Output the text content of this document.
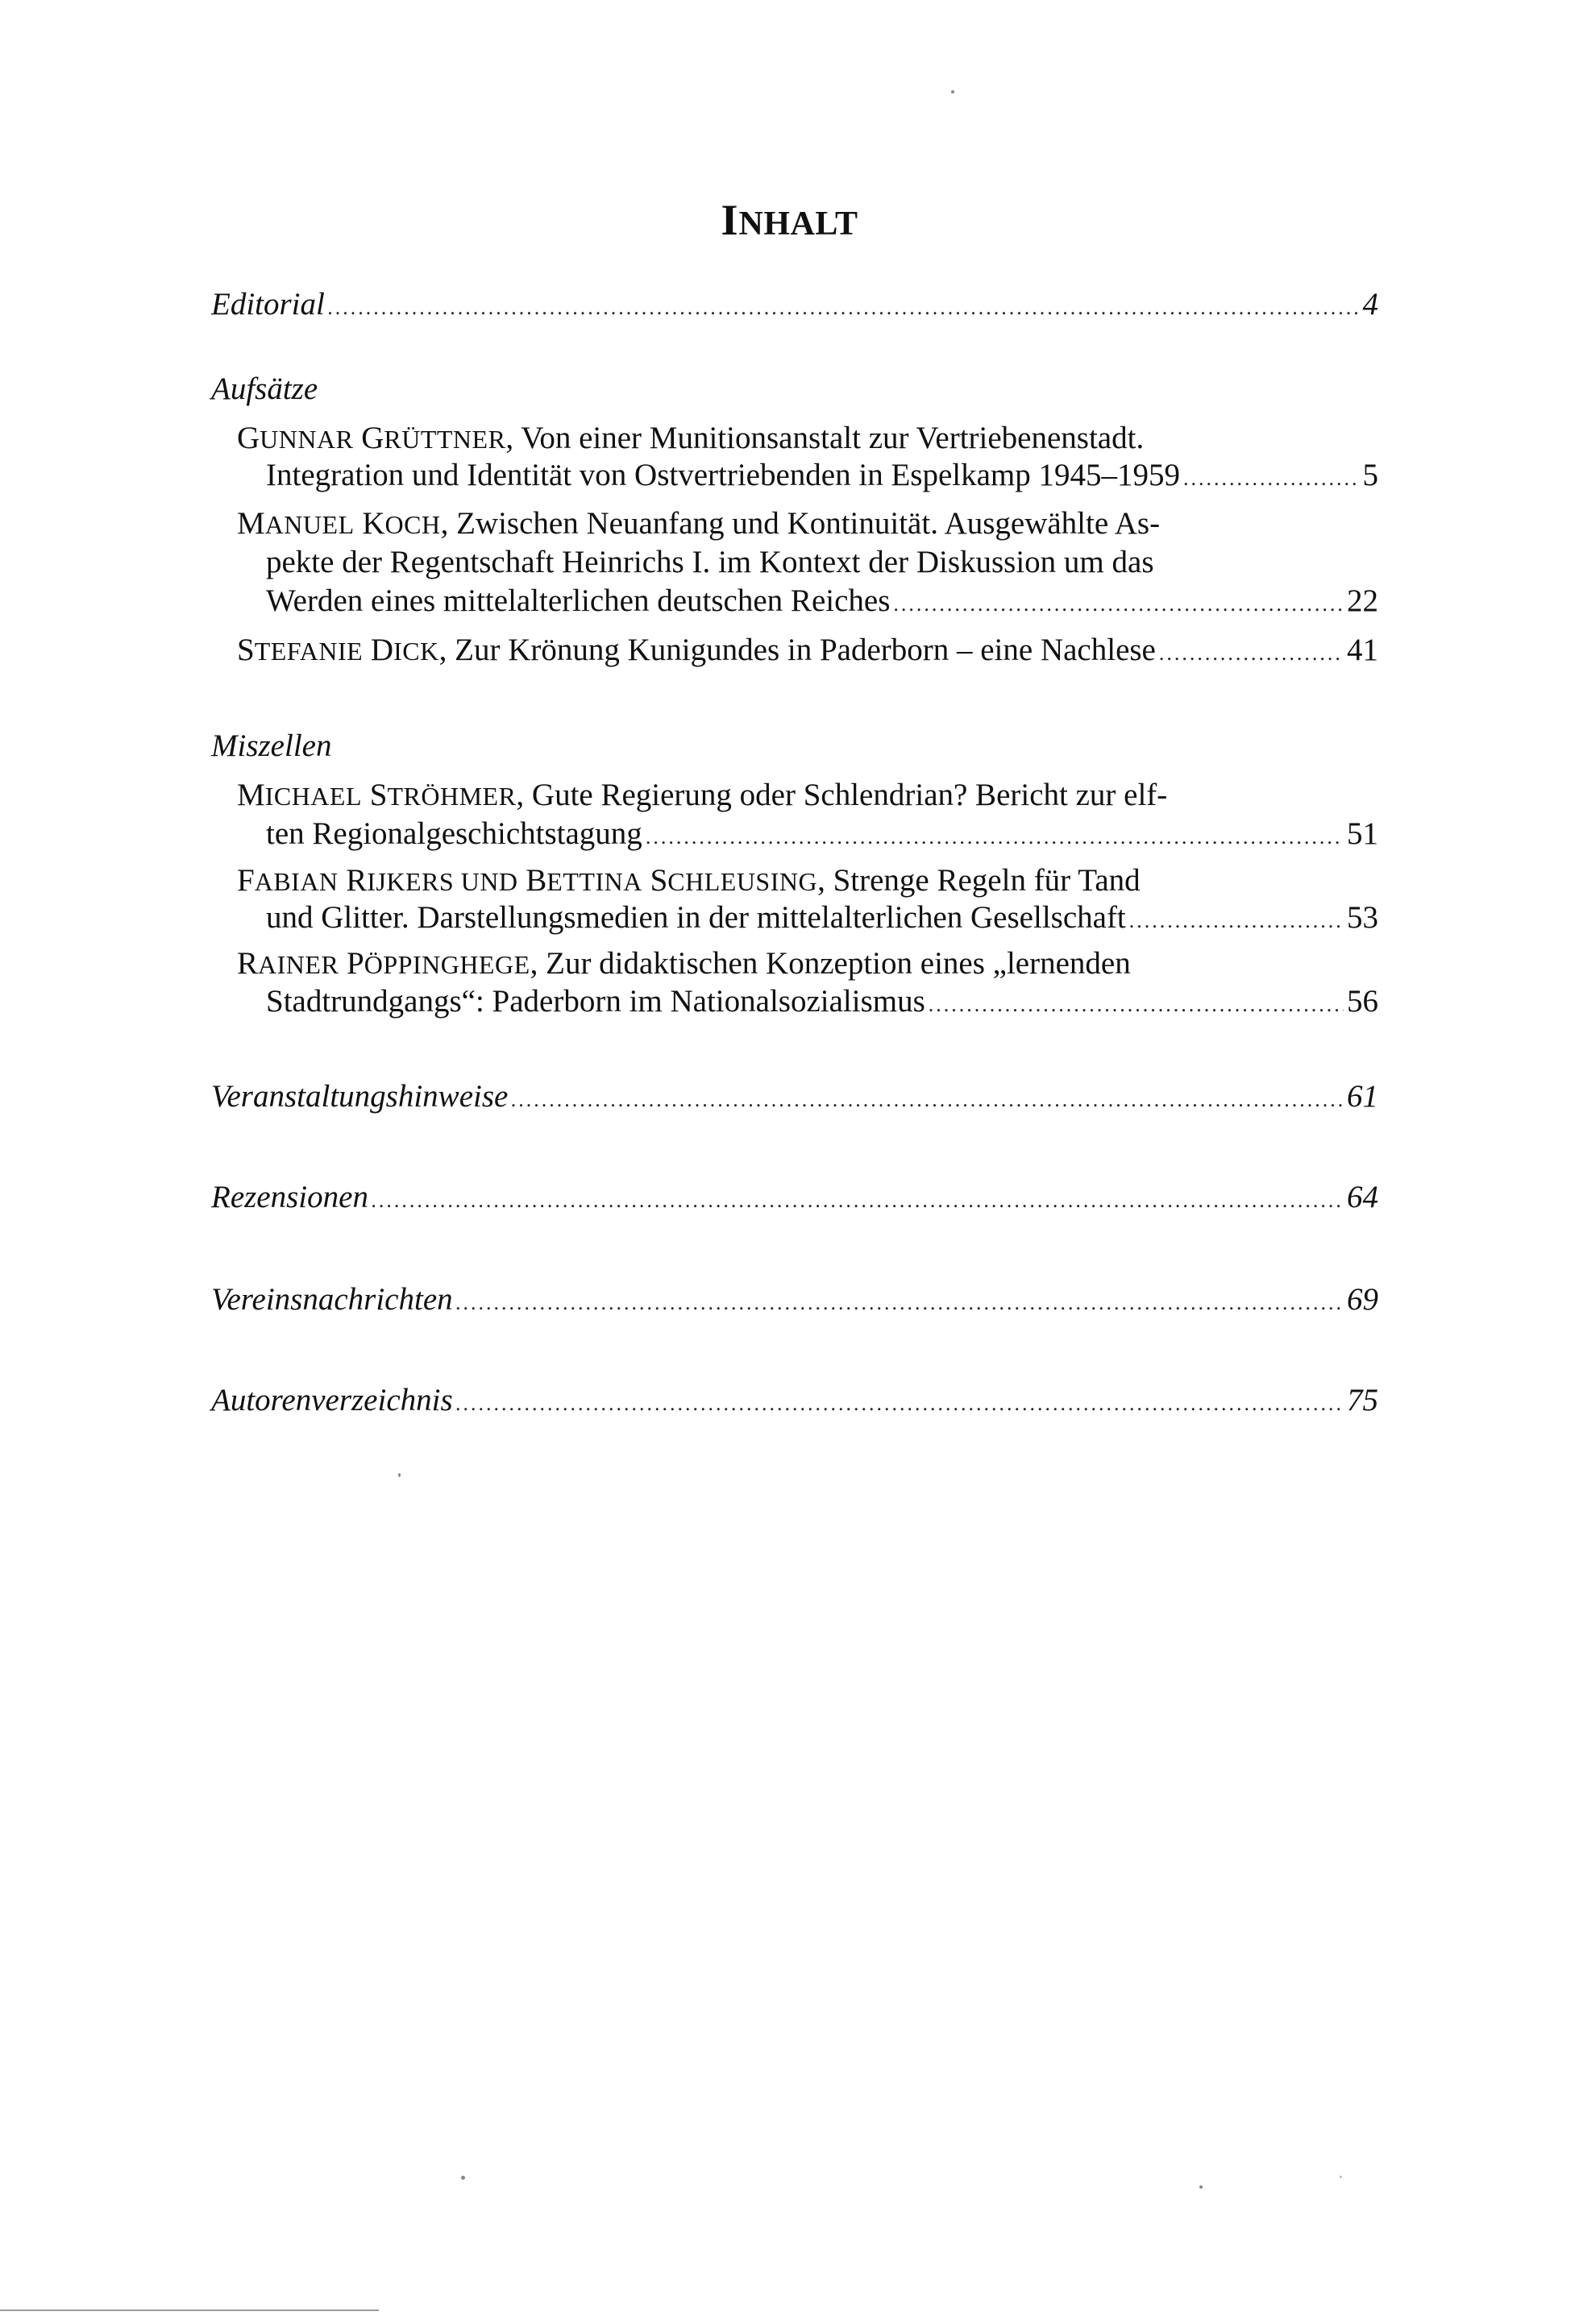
INHALT
Editorial .....	4
Aufsätze
GUNNAR GRÜTTNER, Von einer Munitionsanstalt zur Vertriebenenstadt.
Integration und Identität von Ostvertriebenden in Espelkamp 1945–1959 .....	5
MANUEL KOCH, Zwischen Neuanfang und Kontinuität. Ausgewählte As-
pekte der Regentschaft Heinrichs I. im Kontext der Diskussion um das
Werden eines mittelalterlichen deutschen Reiches .....	22
STEFANIE DICK, Zur Krönung Kunigundes in Paderborn – eine Nachlese .....	41
Miszellen
MICHAEL STRÖHMER, Gute Regierung oder Schlendrian? Bericht zur elf-
ten Regionalgeschichtstagung .....	51
FABIAN RIJKERS UND BETTINA SCHLEUSING, Strenge Regeln für Tand
und Glitter. Darstellungsmedien in der mittelalterlichen Gesellschaft .....	53
RAINER PÖPPINGHEGE, Zur didaktischen Konzeption eines „lernenden
Stadtrundgangs“: Paderborn im Nationalsozialismus .....	56
Veranstaltungshinweise .....	61
Rezensionen .....	64
Vereinsnachrichten .....	69
Autorenverzeichnis .....	75
